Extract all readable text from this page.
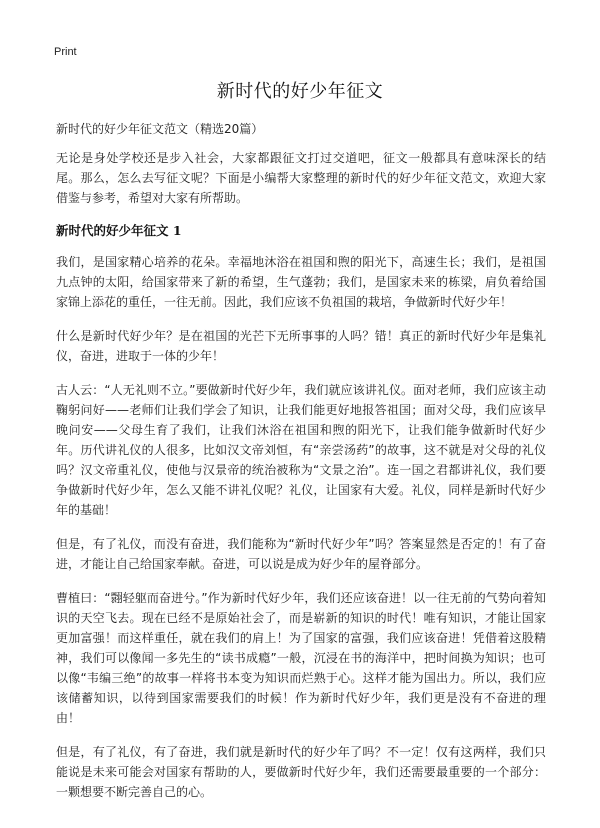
Print
新时代的好少年征文
新时代的好少年征文范文（精选20篇）

无论是身处学校还是步入社会，大家都跟征文打过交道吧，征文一般都具有意味深长的结尾。那么，怎么去写征文呢？下面是小编帮大家整理的新时代的好少年征文范文，欢迎大家借鉴与参考，希望对大家有所帮助。

新时代的好少年征文 1

我们，是国家精心培养的花朵。幸福地沐浴在祖国和煦的阳光下，高速生长；我们，是祖国九点钟的太阳，给国家带来了新的希望，生气蓬勃；我们，是国家未来的栋梁，肩负着给国家锦上添花的重任，一往无前。因此，我们应该不负祖国的栽培，争做新时代好少年！

什么是新时代好少年？是在祖国的光芒下无所事事的人吗？错！真正的新时代好少年是集礼仪，奋进，进取于一体的少年！

古人云：“人无礼则不立。”要做新时代好少年，我们就应该讲礼仪。面对老师，我们应该主动鞠躬问好——老师们让我们学会了知识，让我们能更好地报答祖国；面对父母，我们应该早晚问安——父母生育了我们，让我们沐浴在祖国和煦的阳光下，让我们能争做新时代好少年。历代讲礼仪的人很多，比如汉文帝刘恒，有“亲尝汤药”的故事，这不就是对父母的礼仪吗？汉文帝重礼仪，使他与汉景帝的统治被称为“文景之治”。连一国之君都讲礼仪，我们要争做新时代好少年，怎么又能不讲礼仪呢？礼仪，让国家有大爱。礼仪，同样是新时代好少年的基础！

但是，有了礼仪，而没有奋进，我们能称为“新时代好少年”吗？答案显然是否定的！有了奋进，才能让自己给国家奉献。奋进，可以说是成为好少年的屋脊部分。

曹植曰：“翾轻躯而奋进兮。”作为新时代好少年，我们还应该奋进！以一往无前的气势向着知识的天空飞去。现在已经不是原始社会了，而是崭新的知识的时代！唯有知识，才能让国家更加富强！而这样重任，就在我们的肩上！为了国家的富强，我们应该奋进！凭借着这股精神，我们可以像闻一多先生的“读书成瘾”一般，沉浸在书的海洋中，把时间换为知识；也可以像“韦编三绝”的故事一样将书本变为知识而烂熟于心。这样才能为国出力。所以，我们应该储蓄知识，以待到国家需要我们的时候！作为新时代好少年，我们更是没有不奋进的理由！

但是，有了礼仪，有了奋进，我们就是新时代的好少年了吗？不一定！仅有这两样，我们只能说是未来可能会对国家有帮助的人，要做新时代好少年，我们还需要最重要的一个部分：一颗想要不断完善自己的心。
